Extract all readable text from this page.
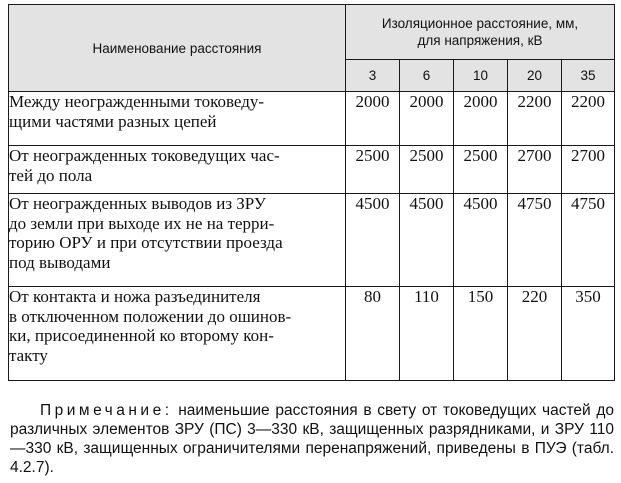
Наименование расстояния	Изоляционное расстояние, мм,
для напряжения, кВ				
	3	6	10	20	35
Между неогражденными токоведу-
щими частями разных цепей	2000	2000	2000	2200	2200
От неогражденных токоведущих час-
тей до пола	2500	2500	2500	2700	2700
От неогражденных выводов из ЗРУ
до земли при выходе их не на терри-
торию ОРУ и при отсутствии проезда
под выводами	4500	4500	4500	4750	4750
От контакта и ножа разъединителя
в отключенном положении до ошинов-
ки, присоединенной ко второму кон-
такту	80	110	150	220	350

Примечание: наименьшие расстояния в свету от токоведущих частей до различных элементов ЗРУ (ПС) 3—330 кВ, защищенных разрядниками, и ЗРУ 110—330 кВ, защищенных ограничителями перенапряжений, приведены в ПУЭ (табл. 4.2.7).
